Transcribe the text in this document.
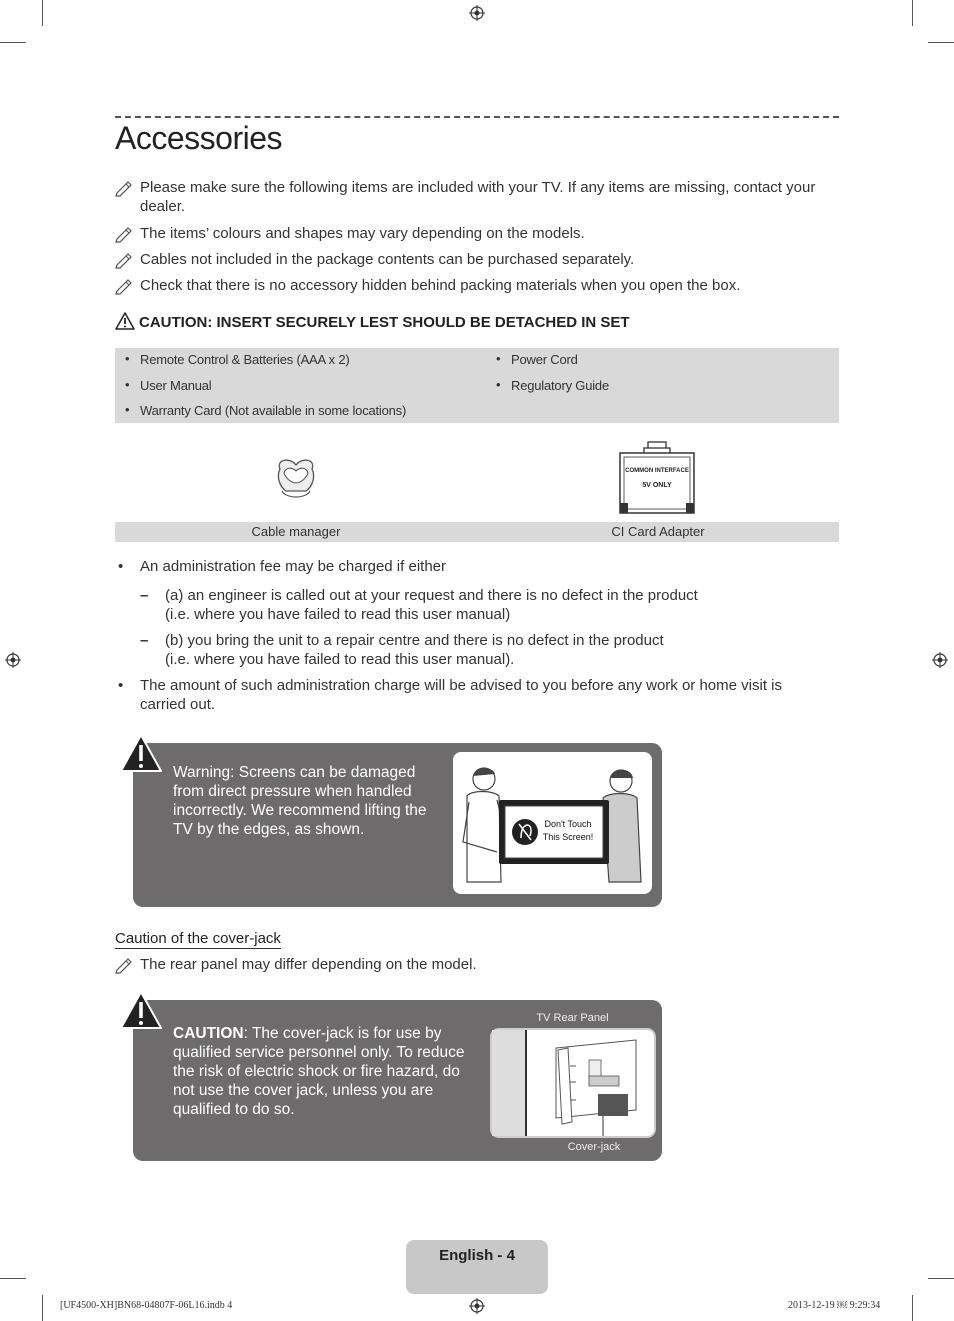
Accessories
Please make sure the following items are included with your TV. If any items are missing, contact your dealer.
The items’ colours and shapes may vary depending on the models.
Cables not included in the package contents can be purchased separately.
Check that there is no accessory hidden behind packing materials when you open the box.
CAUTION: INSERT SECURELY LEST SHOULD BE DETACHED IN SET
• Remote Control & Batteries (AAA x 2)
• User Manual
• Warranty Card (Not available in some locations)
• Power Cord
• Regulatory Guide
COMMON INTERFACE
5V ONLY
Cable manager	CI Card Adapter
• An administration fee may be charged if either
– (a) an engineer is called out at your request and there is no defect in the product
(i.e. where you have failed to read this user manual)
– (b) you bring the unit to a repair centre and there is no defect in the product
(i.e. where you have failed to read this user manual).
• The amount of such administration charge will be advised to you before any work or home visit is carried out.
Warning: Screens can be damaged from direct pressure when handled incorrectly. We recommend lifting the TV by the edges, as shown.	Don't Touch
This Screen!
Caution of the cover-jack
The rear panel may differ depending on the model.
CAUTION: The cover-jack is for use by qualified service personnel only. To reduce the risk of electric shock or fire hazard, do not use the cover jack, unless you are qualified to do so.
TV Rear Panel
Cover-jack
English - 4
[UF4500-XH]BN68-04807F-06L16.indb 4	2013-12-19 ￼ 9:29:34
